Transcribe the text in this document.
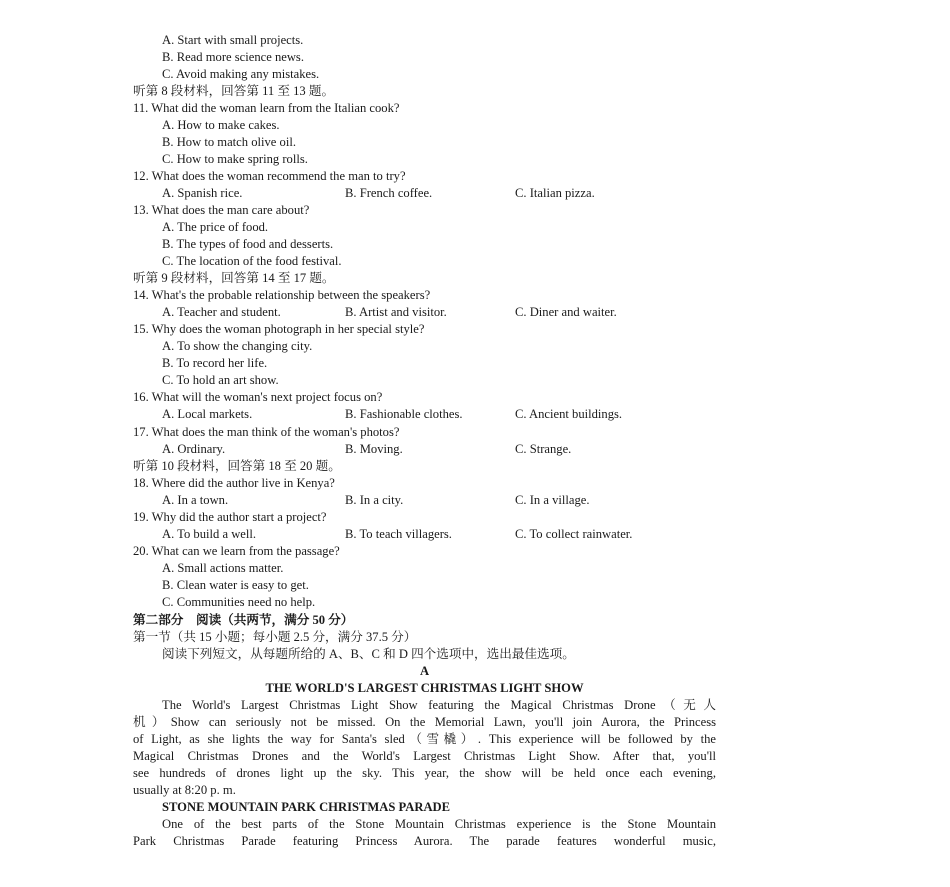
A. Start with small projects.
B. Read more science news.
C. Avoid making any mistakes.
听第 8 段材料，回答第 11 至 13 题。
11. What did the woman learn from the Italian cook?
A. How to make cakes.
B. How to match olive oil.
C. How to make spring rolls.
12. What does the woman recommend the man to try?
A. Spanish rice.	B. French coffee.	C. Italian pizza.
13. What does the man care about?
A. The price of food.
B. The types of food and desserts.
C. The location of the food festival.
听第 9 段材料，回答第 14 至 17 题。
14. What's the probable relationship between the speakers?
A. Teacher and student.	B. Artist and visitor.	C. Diner and waiter.
15. Why does the woman photograph in her special style?
A. To show the changing city.
B. To record her life.
C. To hold an art show.
16. What will the woman's next project focus on?
A. Local markets.	B. Fashionable clothes.	C. Ancient buildings.
17. What does the man think of the woman's photos?
A. Ordinary.	B. Moving.	C. Strange.
听第 10 段材料，回答第 18 至 20 题。
18. Where did the author live in Kenya?
A. In a town.	B. In a city.	C. In a village.
19. Why did the author start a project?
A. To build a well.	B. To teach villagers.	C. To collect rainwater.
20. What can we learn from the passage?
A. Small actions matter.
B. Clean water is easy to get.
C. Communities need no help.
第二部分　阅读（共两节，满分 50 分）
第一节（共 15 小题；每小题 2.5 分，满分 37.5 分）
阅读下列短文，从每题所给的 A、B、C 和 D 四个选项中，选出最佳选项。
A
THE WORLD'S LARGEST CHRISTMAS LIGHT SHOW
The World's Largest Christmas Light Show featuring the Magical Christmas Drone（无人
机）Show can seriously not be missed. On the Memorial Lawn, you'll join Aurora, the Princess
of Light, as she lights the way for Santa's sled（雪橇）. This experience will be followed by the
Magical Christmas Drones and the World's Largest Christmas Light Show. After that, you'll
see hundreds of drones light up the sky. This year, the show will be held once each evening,
usually at 8:20 p. m.
STONE MOUNTAIN PARK CHRISTMAS PARADE
One of the best parts of the Stone Mountain Christmas experience is the Stone Mountain
Park Christmas Parade featuring Princess Aurora. The parade features wonderful music,
